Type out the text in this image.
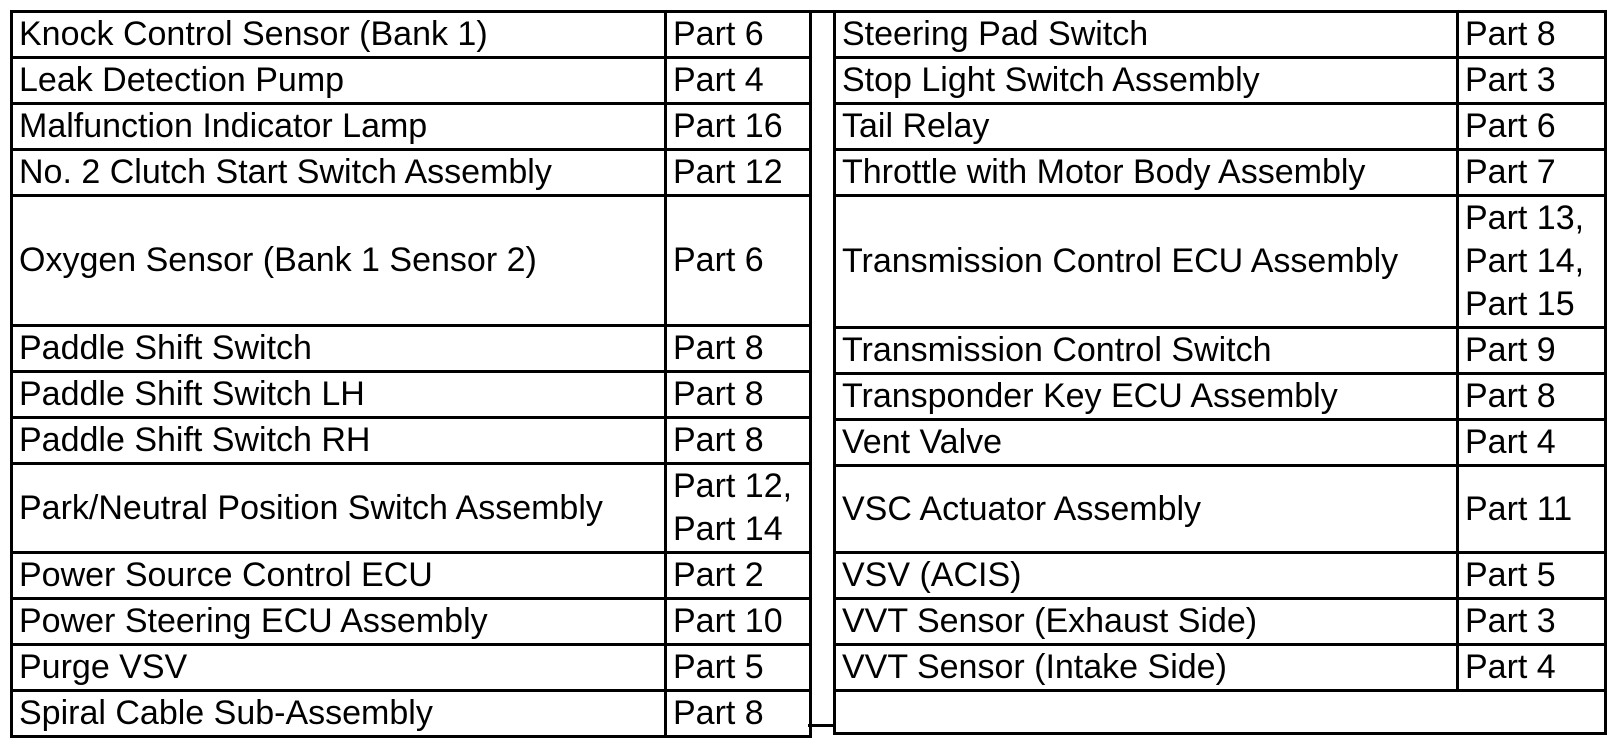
Knock Control Sensor (Bank 1)	Part 6
Leak Detection Pump	Part 4
Malfunction Indicator Lamp	Part 16
No. 2 Clutch Start Switch Assembly	Part 12
Oxygen Sensor (Bank 1 Sensor 2)	Part 6
Paddle Shift Switch	Part 8
Paddle Shift Switch LH	Part 8
Paddle Shift Switch RH	Part 8
Park/Neutral Position Switch Assembly	Part 12, Part 14
Power Source Control ECU	Part 2
Power Steering ECU Assembly	Part 10
Purge VSV	Part 5
Spiral Cable Sub-Assembly	Part 8
Steering Pad Switch	Part 8
Stop Light Switch Assembly	Part 3
Tail Relay	Part 6
Throttle with Motor Body Assembly	Part 7
Transmission Control ECU Assembly	Part 13, Part 14, Part 15
Transmission Control Switch	Part 9
Transponder Key ECU Assembly	Part 8
Vent Valve	Part 4
VSC Actuator Assembly	Part 11
VSV (ACIS)	Part 5
VVT Sensor (Exhaust Side)	Part 3
VVT Sensor (Intake Side)	Part 4
